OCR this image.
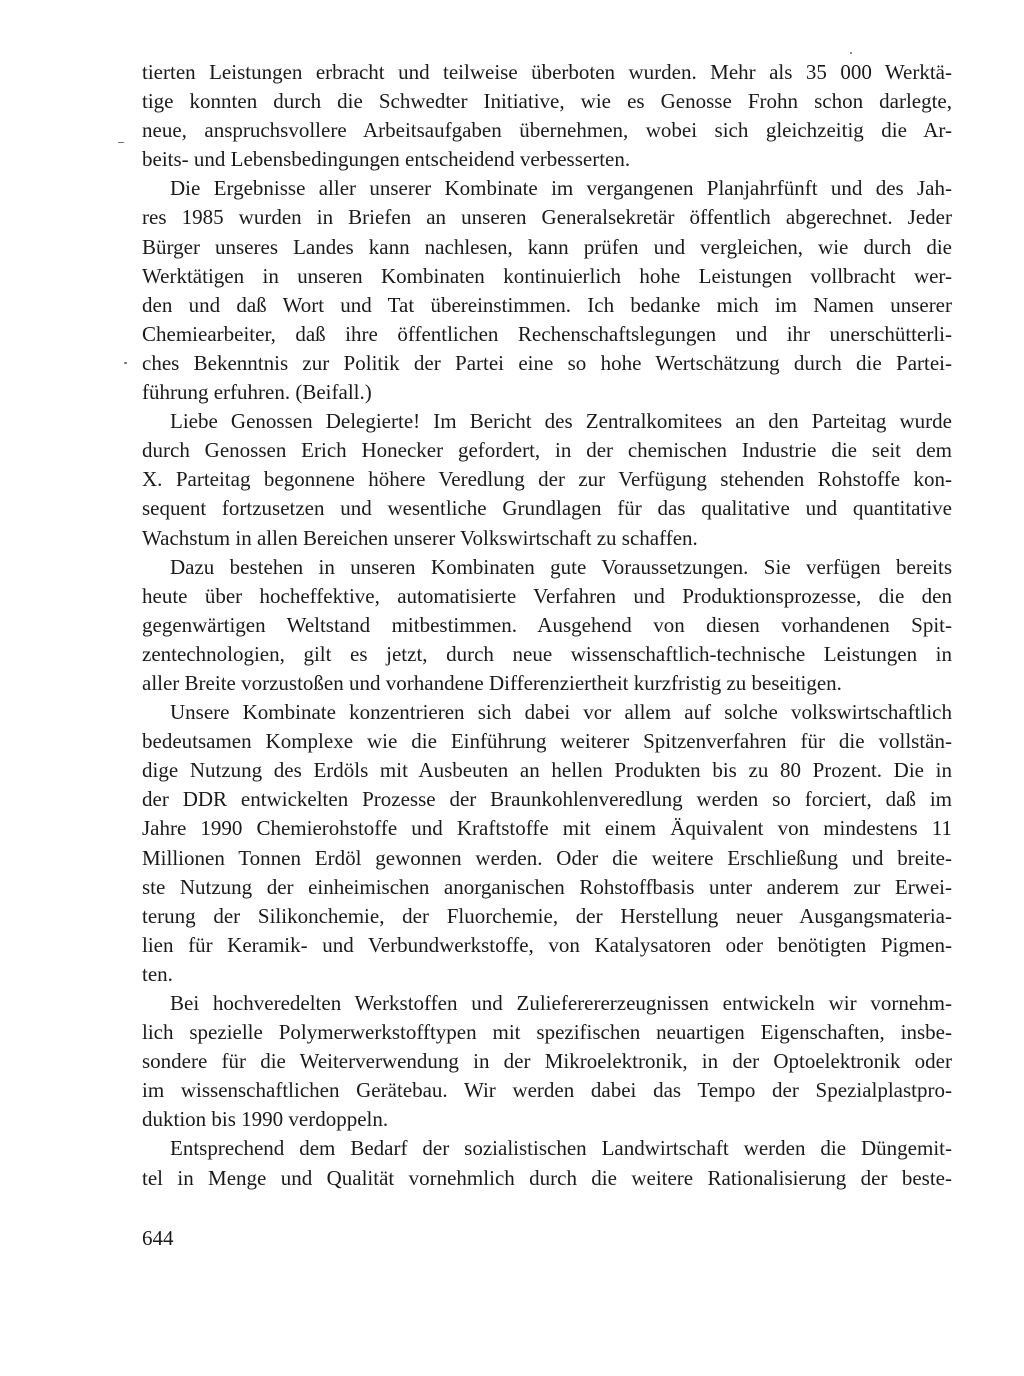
tierten Leistungen erbracht und teilweise überboten wurden. Mehr als 35 000 Werktä-
tige konnten durch die Schwedter Initiative, wie es Genosse Frohn schon darlegte,
neue, anspruchsvollere Arbeitsaufgaben übernehmen, wobei sich gleichzeitig die Ar-
beits- und Lebensbedingungen entscheidend verbesserten.
Die Ergebnisse aller unserer Kombinate im vergangenen Planjahrfünft und des Jah-
res 1985 wurden in Briefen an unseren Generalsekretär öffentlich abgerechnet. Jeder
Bürger unseres Landes kann nachlesen, kann prüfen und vergleichen, wie durch die
Werktätigen in unseren Kombinaten kontinuierlich hohe Leistungen vollbracht wer-
den und daß Wort und Tat übereinstimmen. Ich bedanke mich im Namen unserer
Chemiearbeiter, daß ihre öffentlichen Rechenschaftslegungen und ihr unerschütterli-
ches Bekenntnis zur Politik der Partei eine so hohe Wertschätzung durch die Partei-
führung erfuhren. (Beifall.)
Liebe Genossen Delegierte! Im Bericht des Zentralkomitees an den Parteitag wurde
durch Genossen Erich Honecker gefordert, in der chemischen Industrie die seit dem
X. Parteitag begonnene höhere Veredlung der zur Verfügung stehenden Rohstoffe kon-
sequent fortzusetzen und wesentliche Grundlagen für das qualitative und quantitative
Wachstum in allen Bereichen unserer Volkswirtschaft zu schaffen.
Dazu bestehen in unseren Kombinaten gute Voraussetzungen. Sie verfügen bereits
heute über hocheffektive, automatisierte Verfahren und Produktionsprozesse, die den
gegenwärtigen Weltstand mitbestimmen. Ausgehend von diesen vorhandenen Spit-
zentechnologien, gilt es jetzt, durch neue wissenschaftlich-technische Leistungen in
aller Breite vorzustoßen und vorhandene Differenziertheit kurzfristig zu beseitigen.
Unsere Kombinate konzentrieren sich dabei vor allem auf solche volkswirtschaftlich
bedeutsamen Komplexe wie die Einführung weiterer Spitzenverfahren für die vollstän-
dige Nutzung des Erdöls mit Ausbeuten an hellen Produkten bis zu 80 Prozent. Die in
der DDR entwickelten Prozesse der Braunkohlenveredlung werden so forciert, daß im
Jahre 1990 Chemierohstoffe und Kraftstoffe mit einem Äquivalent von mindestens 11
Millionen Tonnen Erdöl gewonnen werden. Oder die weitere Erschließung und breite-
ste Nutzung der einheimischen anorganischen Rohstoffbasis unter anderem zur Erwei-
terung der Silikonchemie, der Fluorchemie, der Herstellung neuer Ausgangsmateria-
lien für Keramik- und Verbundwerkstoffe, von Katalysatoren oder benötigten Pigmen-
ten.
Bei hochveredelten Werkstoffen und Zulieferererzeugnissen entwickeln wir vornehm-
lich spezielle Polymerwerkstofftypen mit spezifischen neuartigen Eigenschaften, insbe-
sondere für die Weiterverwendung in der Mikroelektronik, in der Optoelektronik oder
im wissenschaftlichen Gerätebau. Wir werden dabei das Tempo der Spezialplastpro-
duktion bis 1990 verdoppeln.
Entsprechend dem Bedarf der sozialistischen Landwirtschaft werden die Düngemit-
tel in Menge und Qualität vornehmlich durch die weitere Rationalisierung der beste-
644
